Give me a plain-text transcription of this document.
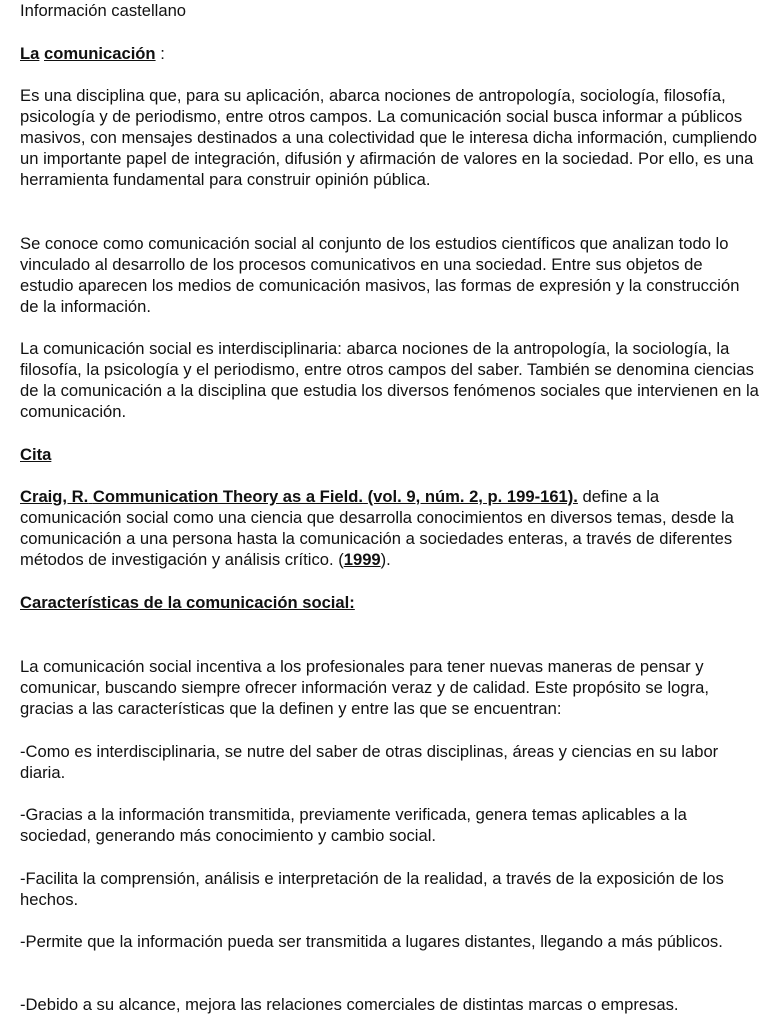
Información castellano

La comunicación :

Es una disciplina que, para su aplicación, abarca nociones de antropología, sociología, filosofía, psicología y de periodismo, entre otros campos. La comunicación social busca informar a públicos masivos, con mensajes destinados a una colectividad que le interesa dicha información, cumpliendo un importante papel de integración, difusión y afirmación de valores en la sociedad. Por ello, es una herramienta fundamental para construir opinión pública.

Se conoce como comunicación social al conjunto de los estudios científicos que analizan todo lo vinculado al desarrollo de los procesos comunicativos en una sociedad. Entre sus objetos de estudio aparecen los medios de comunicación masivos, las formas de expresión y la construcción de la información.

La comunicación social es interdisciplinaria: abarca nociones de la antropología, la sociología, la filosofía, la psicología y el periodismo, entre otros campos del saber. También se denomina ciencias de la comunicación a la disciplina que estudia los diversos fenómenos sociales que intervienen en la comunicación.

Cita

Craig, R. Communication Theory as a Field. (vol. 9, núm. 2, p. 199-161). define a la comunicación social como una ciencia que desarrolla conocimientos en diversos temas, desde la comunicación a una persona hasta la comunicación a sociedades enteras, a través de diferentes métodos de investigación y análisis crítico. (1999).

Características de la comunicación social:

La comunicación social incentiva a los profesionales para tener nuevas maneras de pensar y comunicar, buscando siempre ofrecer información veraz y de calidad. Este propósito se logra, gracias a las características que la definen y entre las que se encuentran:

-Como es interdisciplinaria, se nutre del saber de otras disciplinas, áreas y ciencias en su labor diaria.

-Gracias a la información transmitida, previamente verificada, genera temas aplicables a la sociedad, generando más conocimiento y cambio social.

-Facilita la comprensión, análisis e interpretación de la realidad, a través de la exposición de los hechos.

-Permite que la información pueda ser transmitida a lugares distantes, llegando a más públicos.

-Debido a su alcance, mejora las relaciones comerciales de distintas marcas o empresas.
